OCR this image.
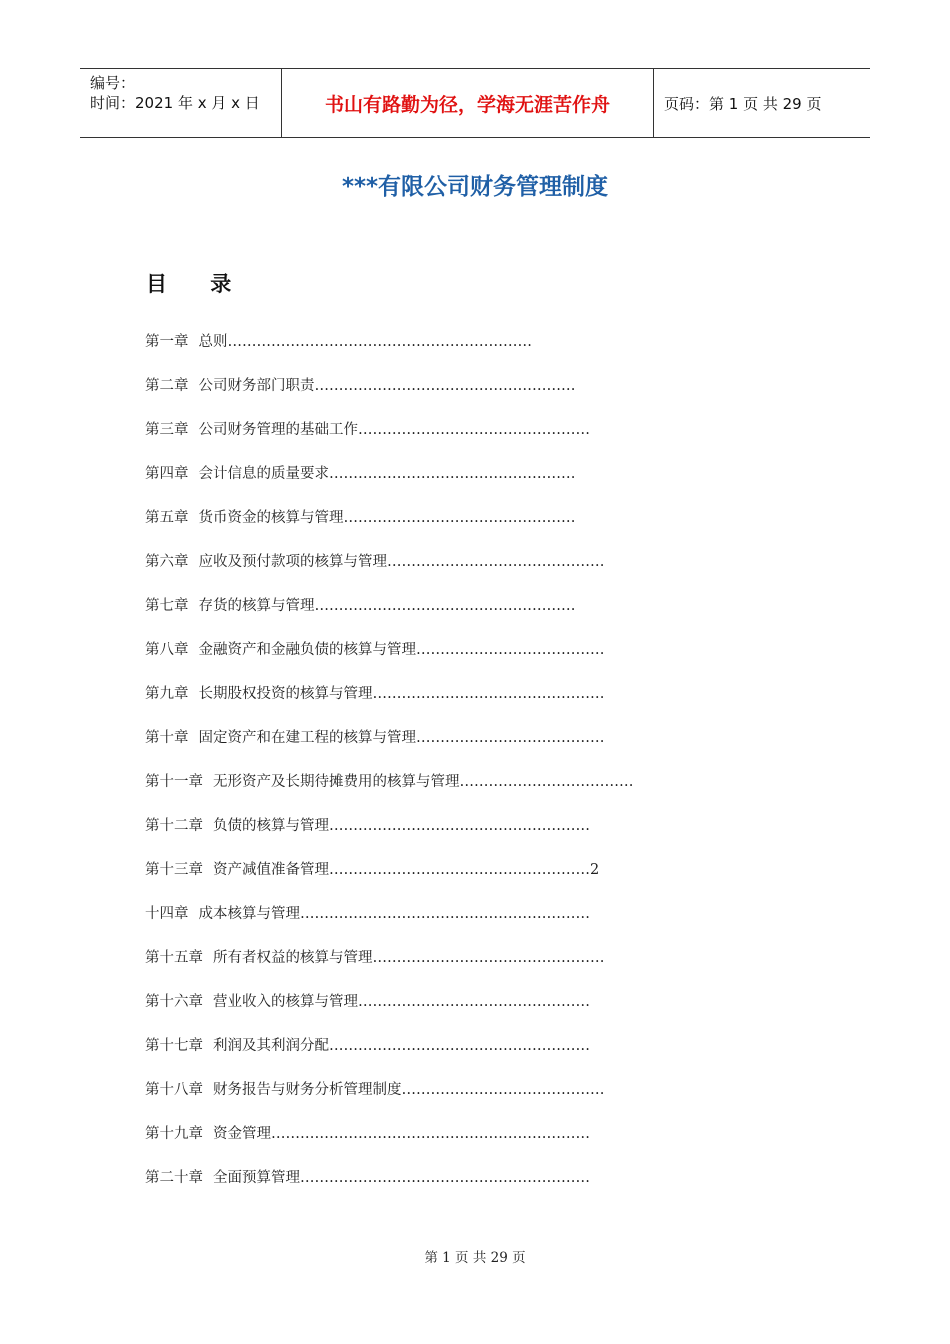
编号：
时间：2021 年 x 月 x 日	书山有路勤为径，学海无涯苦作舟	页码：第 1 页 共 29 页
***有限公司财务管理制度
目 录
第一章 总则………………………………………………………
第二章 公司财务部门职责………………………………………………
第三章 公司财务管理的基础工作…………………………………………
第四章 会计信息的质量要求……………………………………………
第五章 货币资金的核算与管理…………………………………………
第六章 应收及预付款项的核算与管理………………………………………
第七章 存货的核算与管理………………………………………………
第八章 金融资产和金融负债的核算与管理…………………………………
第九章 长期股权投资的核算与管理…………………………………………
第十章 固定资产和在建工程的核算与管理…………………………………
第十一章 无形资产及长期待摊费用的核算与管理………………………………
第十二章 负债的核算与管理………………………………………………
第十三章 资产减值准备管理………………………………………………2
十四章 成本核算与管理……………………………………………………
第十五章 所有者权益的核算与管理…………………………………………
第十六章 营业收入的核算与管理…………………………………………
第十七章 利润及其利润分配………………………………………………
第十八章 财务报告与财务分析管理制度……………………………………
第十九章 资金管理…………………………………………………………
第二十章 全面预算管理……………………………………………………
第 1 页 共 29 页
